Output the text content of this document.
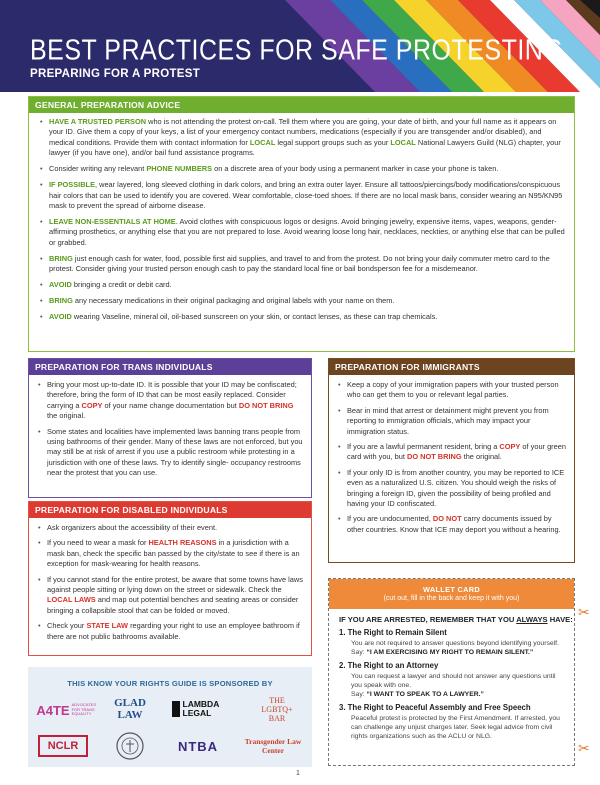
BEST PRACTICES FOR SAFE PROTESTING
PREPARING FOR A PROTEST
GENERAL PREPARATION ADVICE
• HAVE A TRUSTED PERSON who is not attending the protest on-call. Tell them where you are going, your date of birth, and your full name as it appears on your ID. Give them a copy of your keys, a list of your emergency contact numbers, medications (especially if you are transgender and/or disabled), and medical conditions. Provide them with contact information for LOCAL legal support groups such as your LOCAL National Lawyers Guild (NLG) chapter, your lawyer (if you have one), and/or bail fund assistance programs.
• Consider writing any relevant PHONE NUMBERS on a discrete area of your body using a permanent marker in case your phone is taken.
• IF POSSIBLE, wear layered, long sleeved clothing in dark colors, and bring an extra outer layer. Ensure all tattoos/piercings/body modifications/conspicuous hair colors that can be used to identify you are covered. Wear comfortable, close-toed shoes. If there are no local mask bans, consider wearing an N95/KN95 mask to prevent the spread of airborne disease.
• LEAVE NON-ESSENTIALS AT HOME. Avoid clothes with conspicuous logos or designs. Avoid bringing jewelry, expensive items, vapes, weapons, gender-affirming prosthetics, or anything else that you are not prepared to lose. Avoid wearing loose long hair, necklaces, neckties, or anything else that can be pulled or grabbed.
• BRING just enough cash for water, food, possible first aid supplies, and travel to and from the protest. Do not bring your daily commuter metro card to the protest. Consider giving your trusted person enough cash to pay the standard local fine or bail bondsperson fee for a misdemeanor.
• AVOID bringing a credit or debit card.
• BRING any necessary medications in their original packaging and original labels with your name on them.
• AVOID wearing Vaseline, mineral oil, oil-based sunscreen on your skin, or contact lenses, as these can trap chemicals.
PREPARATION FOR TRANS INDIVIDUALS
• Bring your most up-to-date ID. It is possible that your ID may be confiscated; therefore, bring the form of ID that can be most easily replaced. Consider carrying a COPY of your name change documentation but DO NOT BRING the original.
• Some states and localities have implemented laws banning trans people from using bathrooms of their gender. Many of these laws are not enforced, but you may still be at risk of arrest if you use a public restroom while protesting in a jurisdiction with one of these laws. Try to identify single- occupancy restrooms near the protest that you can use.
PREPARATION FOR DISABLED INDIVIDUALS
• Ask organizers about the accessibility of their event.
• If you need to wear a mask for HEALTH REASONS in a jurisdiction with a mask ban, check the specific ban passed by the city/state to see if there is an exception for mask-wearing for health reasons.
• If you cannot stand for the entire protest, be aware that some towns have laws against people sitting or lying down on the street or sidewalk. Check the LOCAL LAWS and map out potential benches and seating areas or consider bringing a collapsible stool that can be folded or moved.
• Check your STATE LAW regarding your right to use an employee bathroom if there are not public bathrooms available.
PREPARATION FOR IMMIGRANTS
• Keep a copy of your immigration papers with your trusted person who can get them to you or relevant legal parties.
• Bear in mind that arrest or detainment might prevent you from reporting to immigration officials, which may impact your immigration status.
• If you are a lawful permanent resident, bring a COPY of your green card with you, but DO NOT BRING the original.
• If your only ID is from another country, you may be reported to ICE even as a naturalized U.S. citizen. You should weigh the risks of bringing a foreign ID, given the possibility of being profiled and having your ID confiscated.
• If you are undocumented, DO NOT carry documents issued by other countries. Know that ICE may deport you without a hearing.
THIS KNOW YOUR RIGHTS GUIDE IS SPONSORED BY
A4TE ADVOCATES FOR TRANS EQUALITY
GLAD LAW
LAMBDA LEGAL
THE LGBTQ+ BAR
NCLR	NTBA	Transgender Law Center
WALLET CARD
(cut out, fill in the back and keep it with you)
IF YOU ARE ARRESTED, REMEMBER THAT YOU ALWAYS HAVE:
1. The Right to Remain Silent
You are not required to answer questions beyond identifying yourself.
Say: “I AM EXERCISING MY RIGHT TO REMAIN SILENT.”
2. The Right to an Attorney
You can request a lawyer and should not answer any questions until you speak with one.
Say: “I WANT TO SPEAK TO A LAWYER.”
3. The Right to Peaceful Assembly and Free Speech
Peaceful protest is protected by the First Amendment. If arrested, you can challenge any unjust charges later. Seek legal advice from civil rights organizations such as the ACLU or NLG.
✂
✂
1
